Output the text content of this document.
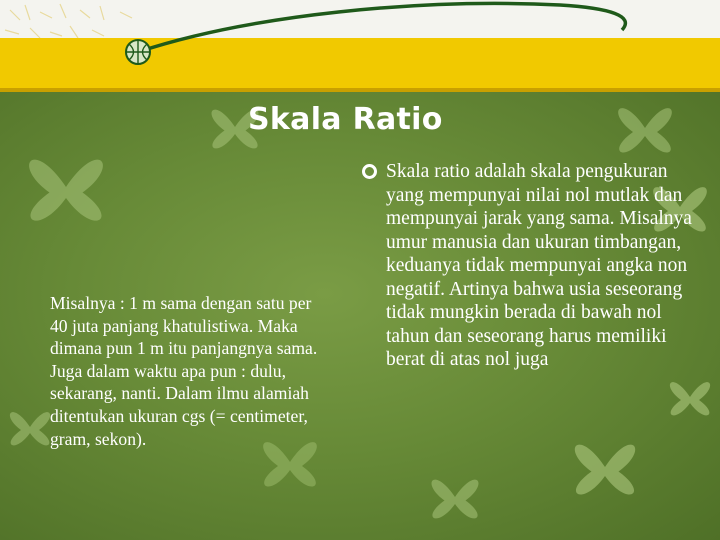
Skala Ratio
Skala ratio adalah skala pengukuran yang mempunyai nilai nol mutlak dan mempunyai jarak yang sama. Misalnya umur manusia dan ukuran timbangan, keduanya tidak mempunyai angka non negatif. Artinya bahwa usia seseorang tidak mungkin berada di bawah nol tahun dan seseorang harus memiliki berat di atas nol juga
Misalnya : 1 m sama dengan satu per 40 juta panjang khatulistiwa. Maka dimana pun 1 m itu panjangnya sama. Juga dalam waktu apa pun : dulu, sekarang, nanti. Dalam ilmu alamiah ditentukan ukuran cgs (= centimeter, gram, sekon).
